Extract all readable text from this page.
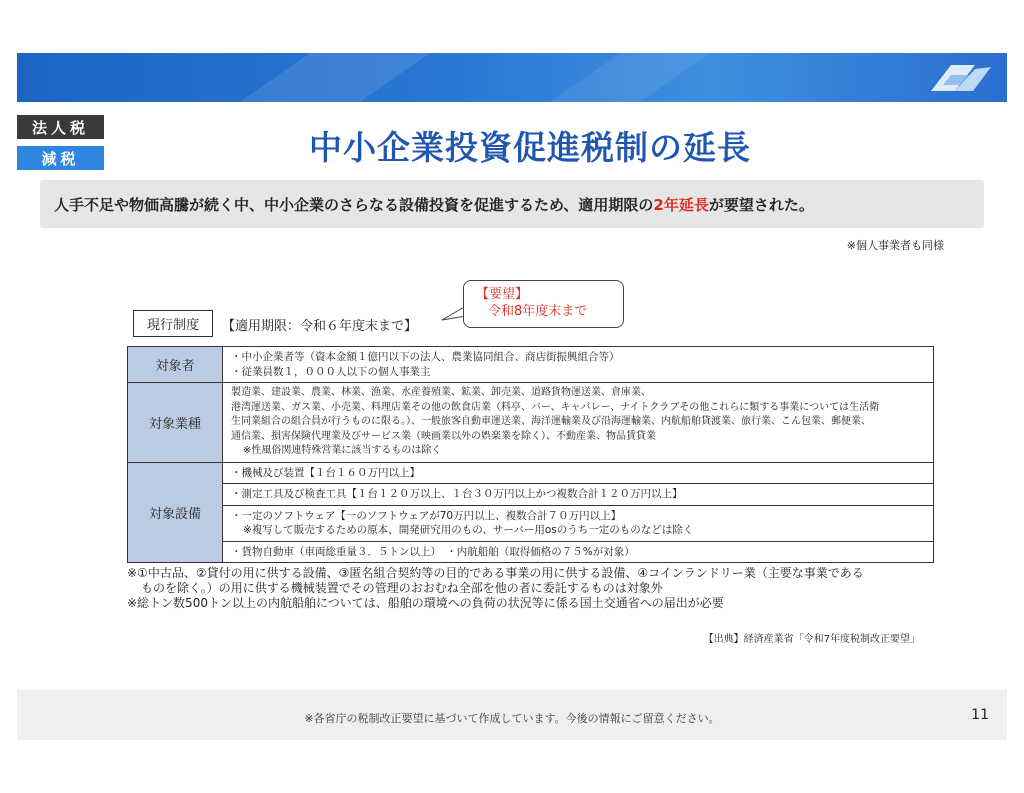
法人税
減税	中小企業投資促進税制の延長
人手不足や物価高騰が続く中、中小企業のさらなる設備投資を促進するため、適用期限の 2年延長 が要望された。
※個人事業者も同様
現行制度	【適用期限：令和６年度末まで】
【要望】
令和8年度末まで
対象者	・中小企業者等（資本金額１億円以下の法人、農業協同組合、商店街振興組合等）
・従業員数１，０００人以下の個人事業主

対象業種	製造業、建設業、農業、林業、漁業、水産養殖業、鉱業、卸売業、道路貨物運送業、倉庫業、
港湾運送業、ガス業、小売業、料理店業その他の飲食店業（料亭、バー、キャバレー、ナイトクラブその他これらに類する事業については生活衛
生同業組合の組合員が行うものに限る。）、一般旅客自動車運送業、海洋運輸業及び沿海運輸業、内航船舶貸渡業、旅行業、こん包業、郵便業、
通信業、損害保険代理業及びサービス業（映画業以外の娯楽業を除く）、不動産業、物品賃貸業
※性風俗関連特殊営業に該当するものは除く

対象設備	・機械及び装置【１台１６０万円以上】

	・測定工具及び検査工具【１台１２０万以上、１台３０万円以上かつ複数合計１２０万円以上】

	・一定のソフトウェア【一のソフトウェアが70万円以上、複数合計７０万円以上】
※複写して販売するための原本、開発研究用のもの、サーバー用osのうち一定のものなどは除く

	・貨物自動車（車両総重量３．５トン以上）　・内航船舶（取得価格の７５%が対象）
※①中古品、②貸付の用に供する設備、③匿名組合契約等の目的である事業の用に供する設備、④コインランドリー業（主要な事業である
ものを除く。）の用に供する機械装置でその管理のおおむね全部を他の者に委託するものは対象外
※総トン数500トン以上の内航船舶については、船舶の環境への負荷の状況等に係る国土交通省への届出が必要
【出典】経済産業省「令和7年度税制改正要望」
※各省庁の税制改正要望に基づいて作成しています。今後の情報にご留意ください。	11
